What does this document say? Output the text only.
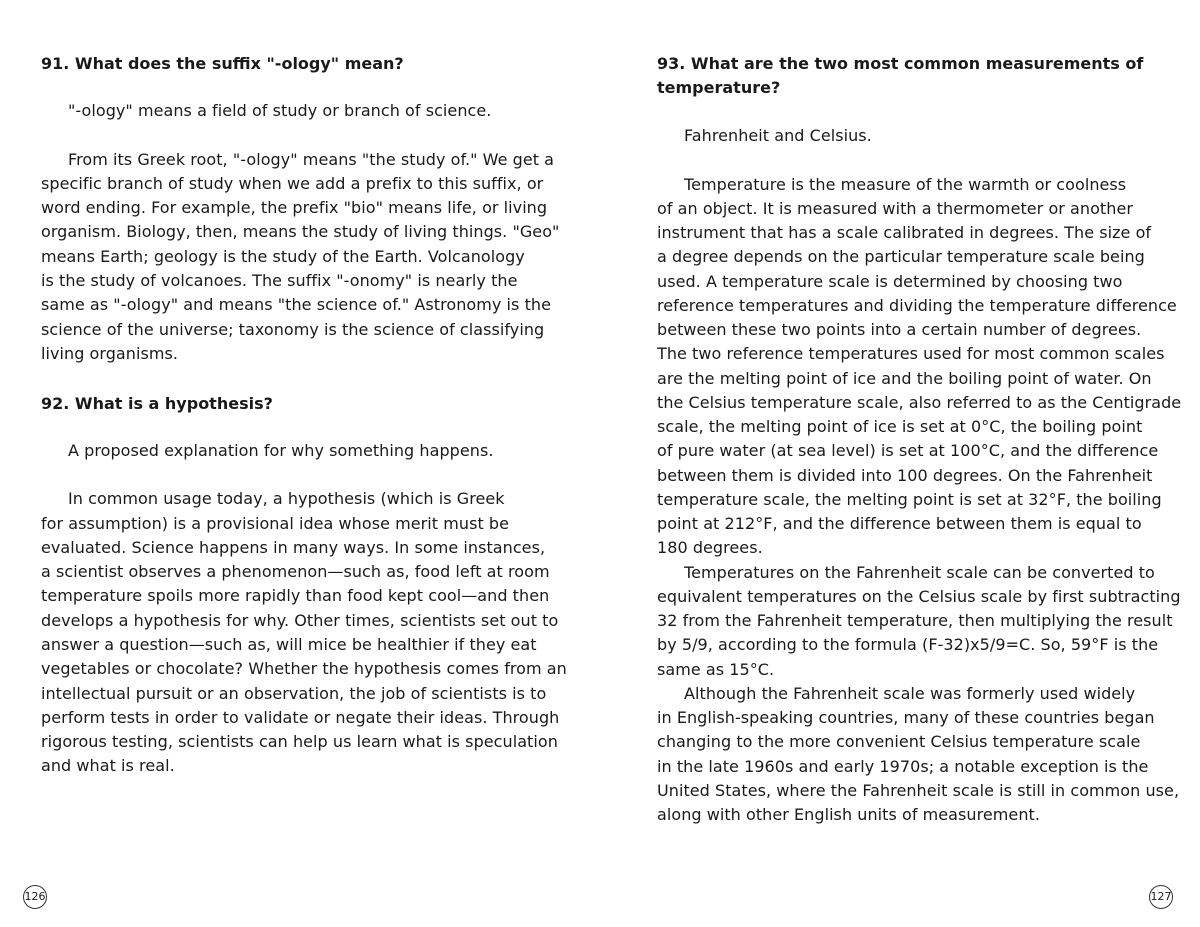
91. What does the suffix "-ology" mean?

"-ology" means a field of study or branch of science.

From its Greek root, "-ology" means "the study of." We get a

specific branch of study when we add a prefix to this suffix, or

word ending. For example, the prefix "bio" means life, or living

organism. Biology, then, means the study of living things. "Geo"

means Earth; geology is the study of the Earth. Volcanology

is the study of volcanoes. The suffix "-onomy" is nearly the

same as "-ology" and means "the science of." Astronomy is the

science of the universe; taxonomy is the science of classifying

living organisms.

92. What is a hypothesis?

A proposed explanation for why something happens.

In common usage today, a hypothesis (which is Greek

for assumption) is a provisional idea whose merit must be

evaluated. Science happens in many ways. In some instances,

a scientist observes a phenomenon—such as, food left at room

temperature spoils more rapidly than food kept cool—and then

develops a hypothesis for why. Other times, scientists set out to

answer a question—such as, will mice be healthier if they eat

vegetables or chocolate? Whether the hypothesis comes from an

intellectual pursuit or an observation, the job of scientists is to

perform tests in order to validate or negate their ideas. Through

rigorous testing, scientists can help us learn what is speculation

and what is real.

126

93. What are the two most common measurements of

temperature?

Fahrenheit and Celsius.

Temperature is the measure of the warmth or coolness

of an object. It is measured with a thermometer or another

instrument that has a scale calibrated in degrees. The size of

a degree depends on the particular temperature scale being

used. A temperature scale is determined by choosing two

reference temperatures and dividing the temperature difference

between these two points into a certain number of degrees.

The two reference temperatures used for most common scales

are the melting point of ice and the boiling point of water. On

the Celsius temperature scale, also referred to as the Centigrade

scale, the melting point of ice is set at 0°C, the boiling point

of pure water (at sea level) is set at 100°C, and the difference

between them is divided into 100 degrees. On the Fahrenheit

temperature scale, the melting point is set at 32°F, the boiling

point at 212°F, and the difference between them is equal to

180 degrees.

Temperatures on the Fahrenheit scale can be converted to

equivalent temperatures on the Celsius scale by first subtracting

32 from the Fahrenheit temperature, then multiplying the result

by 5/9, according to the formula (F-32)x5/9=C. So, 59°F is the

same as 15°C.

Although the Fahrenheit scale was formerly used widely

in English-speaking countries, many of these countries began

changing to the more convenient Celsius temperature scale

in the late 1960s and early 1970s; a notable exception is the

United States, where the Fahrenheit scale is still in common use,

along with other English units of measurement.

127
